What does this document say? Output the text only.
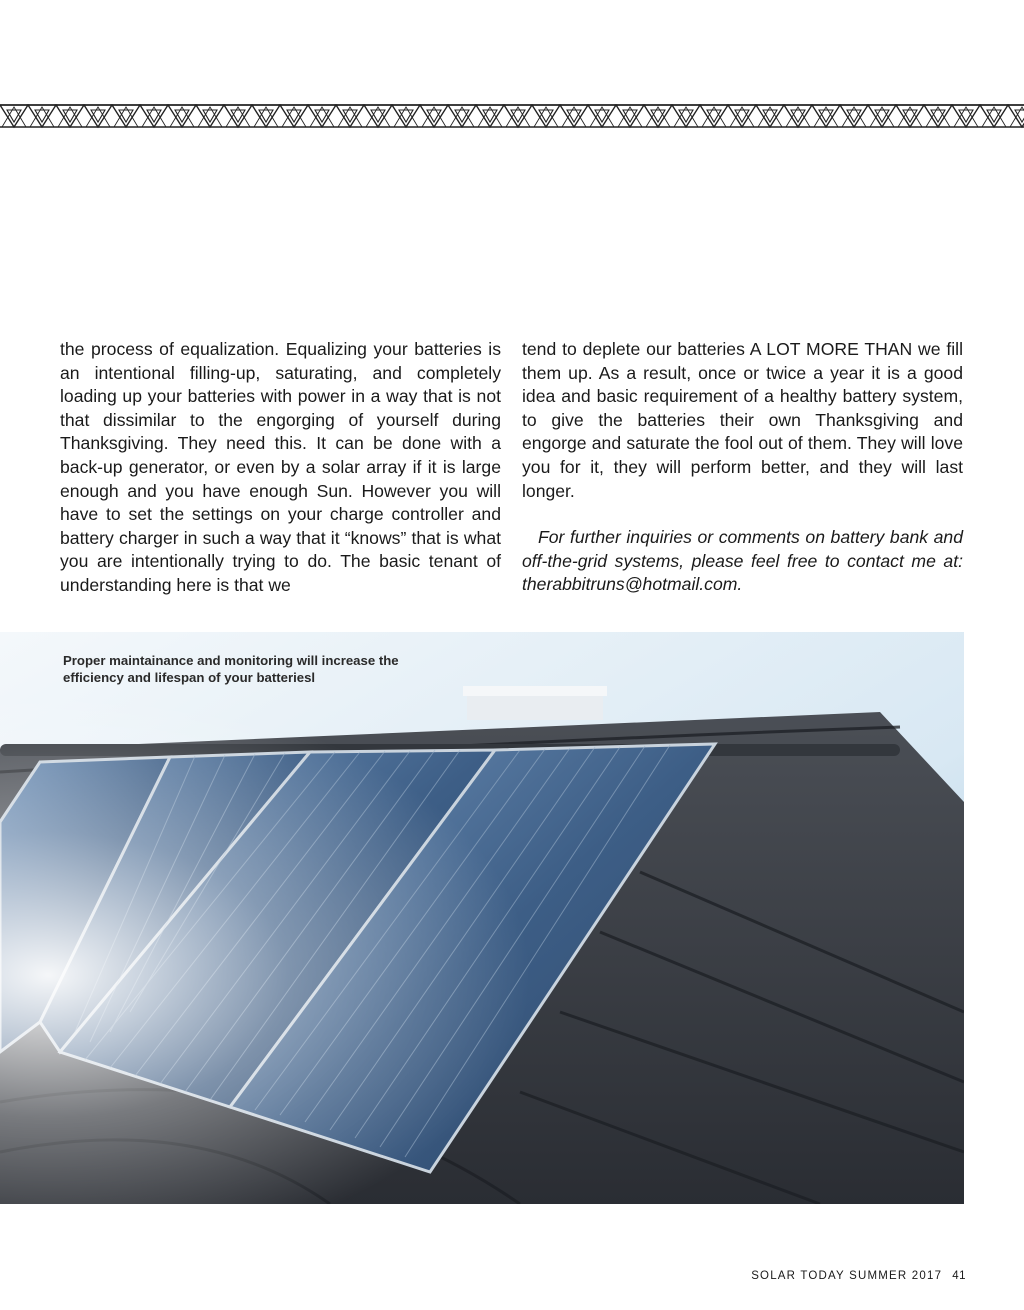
the process of equalization. Equalizing your batteries is an intentional filling-up, saturating, and completely loading up your batteries with power in a way that is not that dissimilar to the engorging of yourself during Thanksgiving. They need this. It can be done with a back-up generator, or even by a solar array if it is large enough and you have enough Sun. However you will have to set the settings on your charge controller and battery charger in such a way that it “knows” that is what you are intentionally trying to do. The basic tenant of understanding here is that we

tend to deplete our batteries A LOT MORE THAN we fill them up. As a result, once or twice a year it is a good idea and basic requirement of a healthy battery system, to give the batteries their own Thanksgiving and engorge and saturate the fool out of them. They will love you for it, they will perform better, and they will last longer.

For further inquiries or comments on battery bank and off-the-grid systems, please feel free to contact me at: therabbitruns@hotmail.com.

Proper maintainance and monitoring will increase the efficiency and lifespan of your batteriesl
SOLAR TODAY SUMMER 2017 41
